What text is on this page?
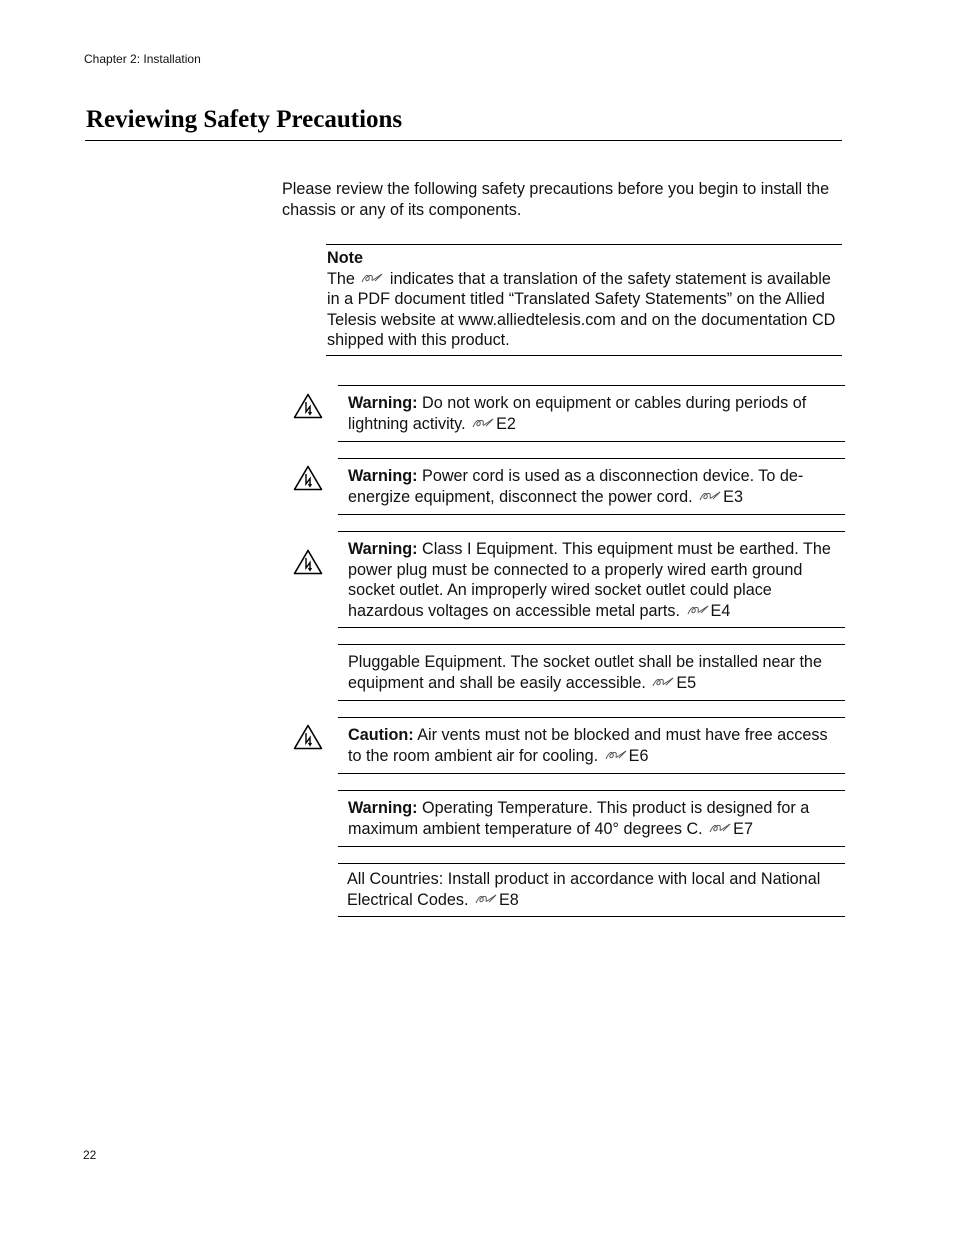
Chapter 2: Installation
Reviewing Safety Precautions

Please review the following safety precautions before you begin to install the chassis or any of its components.

Note
The indicates that a translation of the safety statement is available in a PDF document titled “Translated Safety Statements” on the Allied Telesis website at www.alliedtelesis.com and on the documentation CD shipped with this product.
Warning: Do not work on equipment or cables during periods of lightning activity. E2
Warning: Power cord is used as a disconnection device. To de-energize equipment, disconnect the power cord. E3
Warning: Class I Equipment. This equipment must be earthed. The power plug must be connected to a properly wired earth ground socket outlet. An improperly wired socket outlet could place hazardous voltages on accessible metal parts. E4
Pluggable Equipment. The socket outlet shall be installed near the equipment and shall be easily accessible. E5
Caution: Air vents must not be blocked and must have free access to the room ambient air for cooling. E6
Warning: Operating Temperature. This product is designed for a maximum ambient temperature of 40° degrees C. E7
All Countries: Install product in accordance with local and National Electrical Codes. E8
22
